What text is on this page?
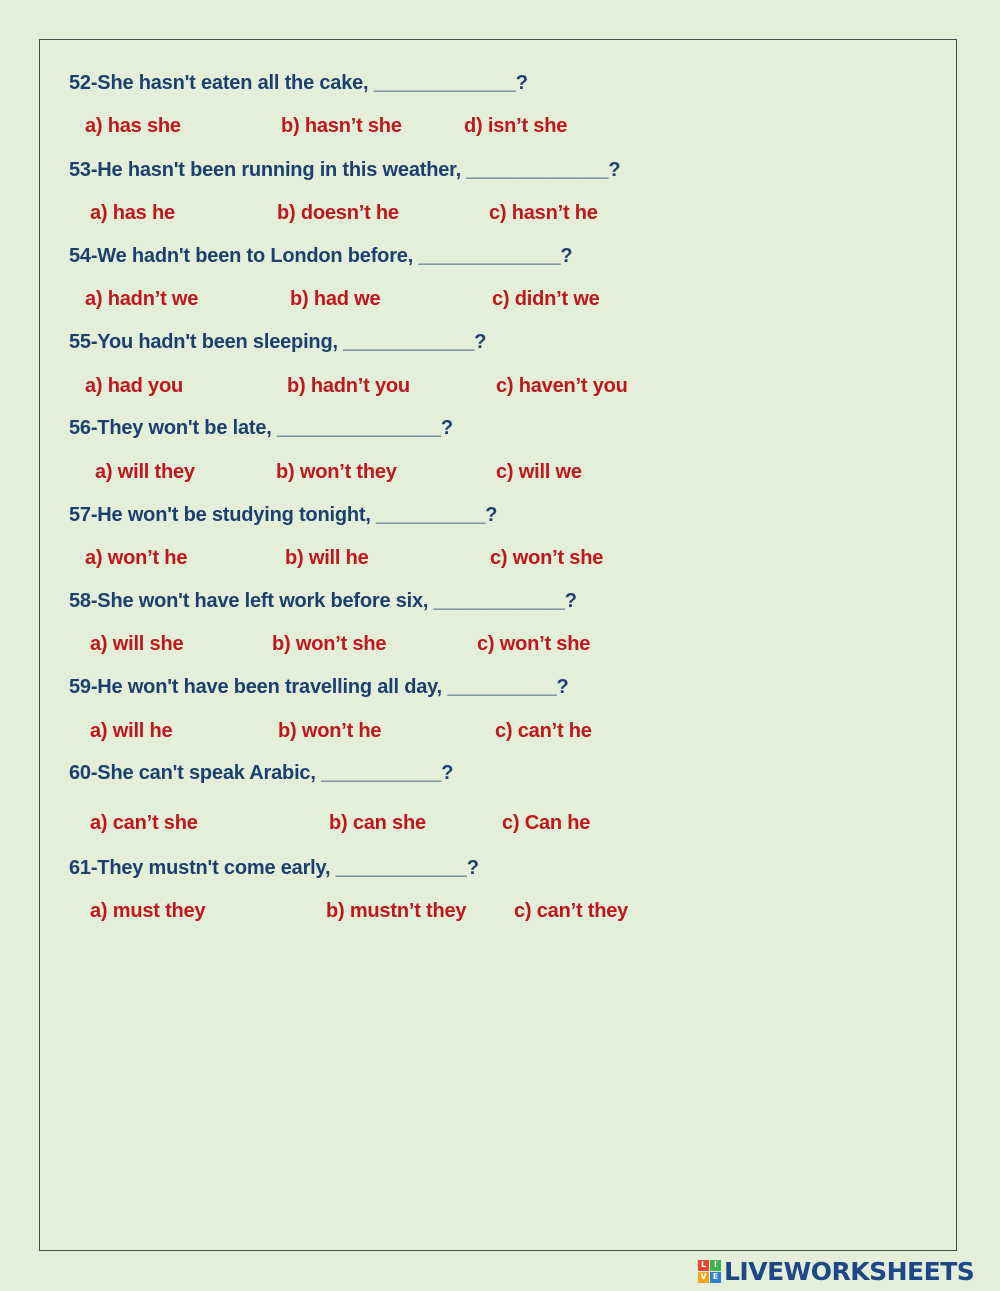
52-She hasn't eaten all the cake, _____________?
a) has she	b) hasn’t she	d) isn’t she
53-He hasn't been running in this weather, _____________?
a) has he	b) doesn’t he	c) hasn’t he
54-We hadn't been to London before, _____________?
a) hadn’t we	b) had we	c) didn’t we
55-You hadn't been sleeping, ____________?
a) had you	b) hadn’t you	c) haven’t you
56-They won't be late, _______________?
a) will they	b) won’t they	c) will we
57-He won't be studying tonight, __________?
a) won’t he	b) will he	c) won’t she
58-She won't have left work before six, ____________?
a) will she	b) won’t she	c) won’t she
59-He won't have been travelling all day, __________?
a) will he	b) won’t he	c) can’t he
60-She can't speak Arabic, ___________?
a) can’t she	b) can she	c) Can he
61-They mustn't come early, ____________?
a) must they	b) mustn’t they c) can’t they
L I
V E LIVEWORKSHEETS
